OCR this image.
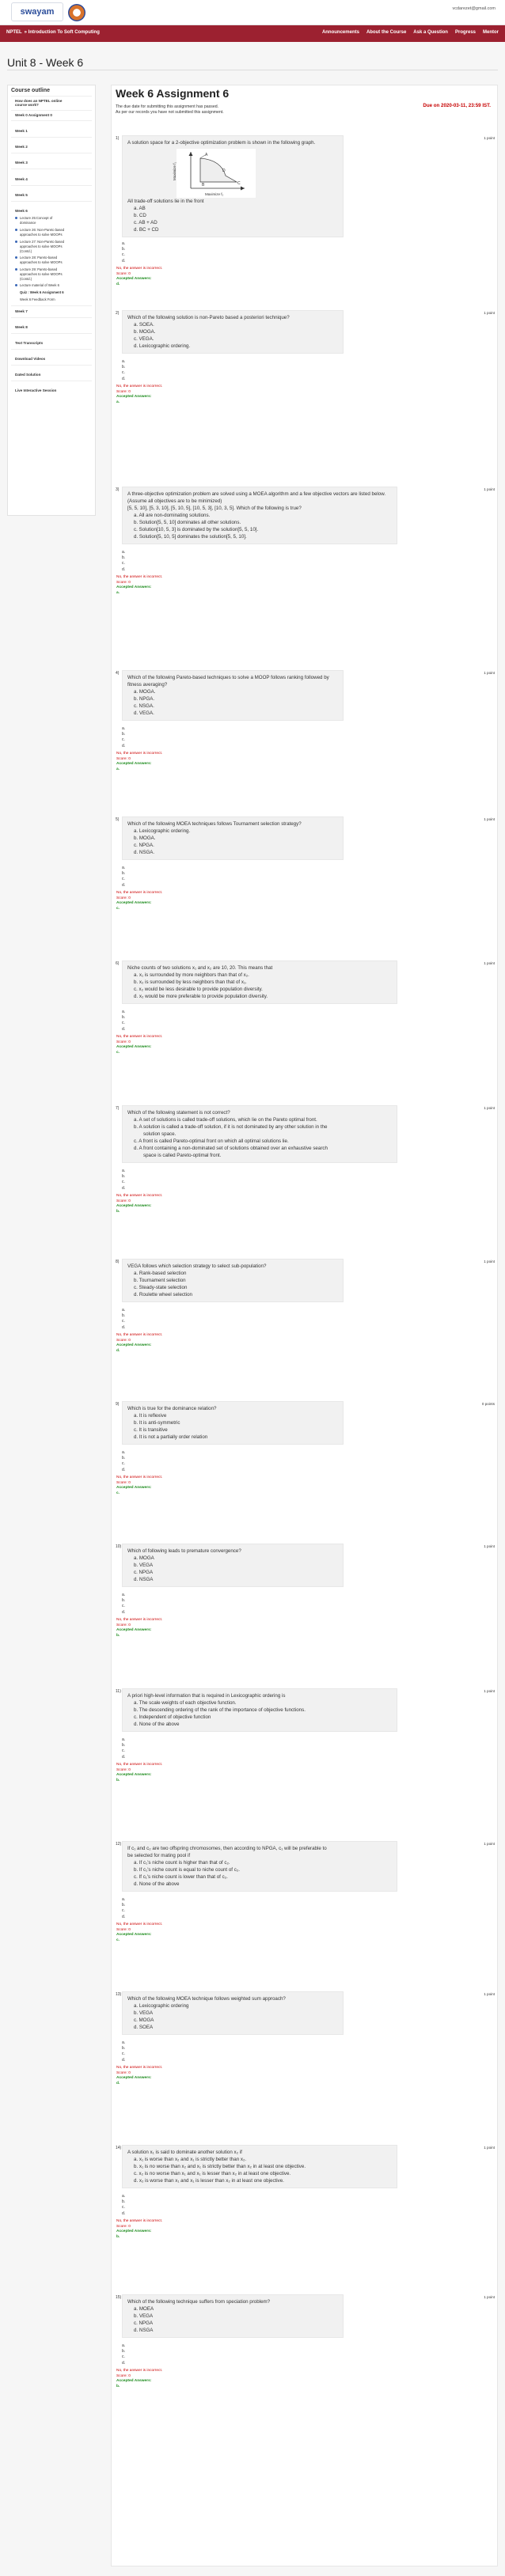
swayam	vcdarezet@gmail.com
NPTEL » Introduction To Soft Computing	Announcements About the Course Ask a Question Progress Mentor
Unit 8 - Week 6
Course outline
How does an NPTEL online
course work?
Week 0 Assignment 0
Week 1
Week 2
Week 3
Week 4
Week 5
Week 6
Lecture 25:Concept of
dominance
Lecture 26: Non-Pareto based
approaches to solve MOOPs
Lecture 27: Non-Pareto based
approaches to solve MOOPs
(Contd.)
Lecture 28: Pareto-based
approaches to solve MOOPs
Lecture 29: Pareto-based
approaches to solve MOOPs
(Contd.)
Lecture material of Week 6
Quiz : Week 6 Assignment 6
Week 6 Feedback Form
Week 7
Week 8
Text Transcripts
Download Videos
Dated Solution
Live Interactive Session
Week 6 Assignment 6
The due date for submitting this assignment has passed.
As per our records you have not submitted this assignment.
Due on 2020-03-11, 23:59 IST.
1)	1 point
A solution space for a 2-objective optimization problem is shown in the following graph.
A
B	C
D
Maximize f₁
Maximize f₂
All trade-off solutions lie in the front
a. AB
b. CD
c. AB + AD
d. BC + CD
a.
b.
c.
d.
No, the answer is incorrect.
Score: 0
Accepted Answers:
d.
2)	1 point
Which of the following solution is non-Pareto based a posteriori technique?
a. SOEA.
b. MOGA.
c. VEGA.
d. Lexicographic ordering.
a.
b.
c.
d.
No, the answer is incorrect.
Score: 0
Accepted Answers:
a.
3)	1 point
A three-objective optimization problem are solved using a MOEA algorithm and a few objective vectors are listed below.
(Assume all objectives are to be minimized)
[5, 5, 10], [5, 3, 10], [5, 10, 5], [10, 5, 3], [10, 3, 5]. Which of the following is true?
a. All are non-dominating solutions.
b. Solution[5, 5, 10] dominates all other solutions.
c. Solution[10, 5, 3] is dominated by the solution[5, 5, 10].
d. Solution[5, 10, 5] dominates the solution[5, 5, 10].
a.
b.
c.
d.
No, the answer is incorrect.
Score: 0
Accepted Answers:
a.
4)	1 point
Which of the following Pareto-based techniques to solve a MOOP follows ranking followed by
fitness averaging?
a. MOGA.
b. NPGA.
c. NSGA.
d. VEGA.
a.
b.
c.
d.
No, the answer is incorrect.
Score: 0
Accepted Answers:
a.
5)	1 point
Which of the following MOEA techniques follows Tournament selection strategy?
a. Lexicographic ordering.
b. MOGA.
c. NPGA.
d. NSGA.
a.
b.
c.
d.
No, the answer is incorrect.
Score: 0
Accepted Answers:
c.
6)	1 point
Niche counts of two solutions x₁ and x₂ are 10, 20. This means that
a. x₁ is surrounded by more neighbors than that of x₂.
b. x₂ is surrounded by less neighbors than that of x₁.
c. x₂ would be less desirable to provide population diversity.
d. x₂ would be more preferable to provide population diversity.
a.
b.
c.
d.
No, the answer is incorrect.
Score: 0
Accepted Answers:
c.
7)	1 point
Which of the following statement is not correct?
a. A set of solutions is called trade-off solutions, which lie on the Pareto optimal front.
b. A solution is called a trade-off solution, if it is not dominated by any other solution in the
solution space.
c. A front is called Pareto-optimal front on which all optimal solutions lie.
d. A front containing a non-dominated set of solutions obtained over an exhaustive search
space is called Pareto-optimal front.
a.
b.
c.
d.
No, the answer is incorrect.
Score: 0
Accepted Answers:
b.
8)	1 point
VEGA follows which selection strategy to select sub-population?
a. Rank-based selection
b. Tournament selection
c. Steady-state selection
d. Roulette wheel selection
a.
b.
c.
d.
No, the answer is incorrect.
Score: 0
Accepted Answers:
d.
9)	0 points
Which is true for the dominance relation?
a. It is reflexive
b. It is anti-symmetric
c. It is transitive
d. It is not a partially order relation
a.
b.
c.
d.
No, the answer is incorrect.
Score: 0
Accepted Answers:
c.
10)	1 point
Which of following leads to premature convergence?
a. MOGA
b. VEGA
c. NPGA
d. NSGA
a.
b.
c.
d.
No, the answer is incorrect.
Score: 0
Accepted Answers:
b.
11)	1 point
A priori high-level information that is required in Lexicographic ordering is
a. The scale weights of each objective function.
b. The descending ordering of the rank of the importance of objective functions.
c. Independent of objective function
d. None of the above
a.
b.
c.
d.
No, the answer is incorrect.
Score: 0
Accepted Answers:
b.
12)	1 point
If c₁ and c₂ are two offspring chromosomes, then according to NPGA, c₁ will be preferable to
be selected for mating pool if
a. If c₁'s niche count is higher than that of c₂.
b. If c₁'s niche count is equal to niche count of c₂.
c. If c₁'s niche count is lower than that of c₂.
d. None of the above
a.
b.
c.
d.
No, the answer is incorrect.
Score: 0
Accepted Answers:
c.
13)	1 point
Which of the following MOEA technique follows weighted sum approach?
a. Lexicographic ordering
b. VEGA
c. MOGA
d. SOEA
a.
b.
c.
d.
No, the answer is incorrect.
Score: 0
Accepted Answers:
d.
14)	1 point
A solution x₁ is said to dominate another solution x₂ if
a. x₁ is worse than x₂ and x₁ is strictly better than x₂.
b. x₁ is no worse than x₂ and x₁ is strictly better than x₂ in at least one objective.
c. x₂ is no worse than x₁ and x₁ is lesser than x₂ in at least one objective.
d. x₂ is worse than x₁ and x₁ is lesser than x₂ in at least one objective.
a.
b.
c.
d.
No, the answer is incorrect.
Score: 0
Accepted Answers:
b.
15)	1 point
Which of the following technique suffers from speciation problem?
a. MOEA
b. VEGA
c. NPGA
d. NSGA
a.
b.
c.
d.
No, the answer is incorrect.
Score: 0
Accepted Answers:
b.
